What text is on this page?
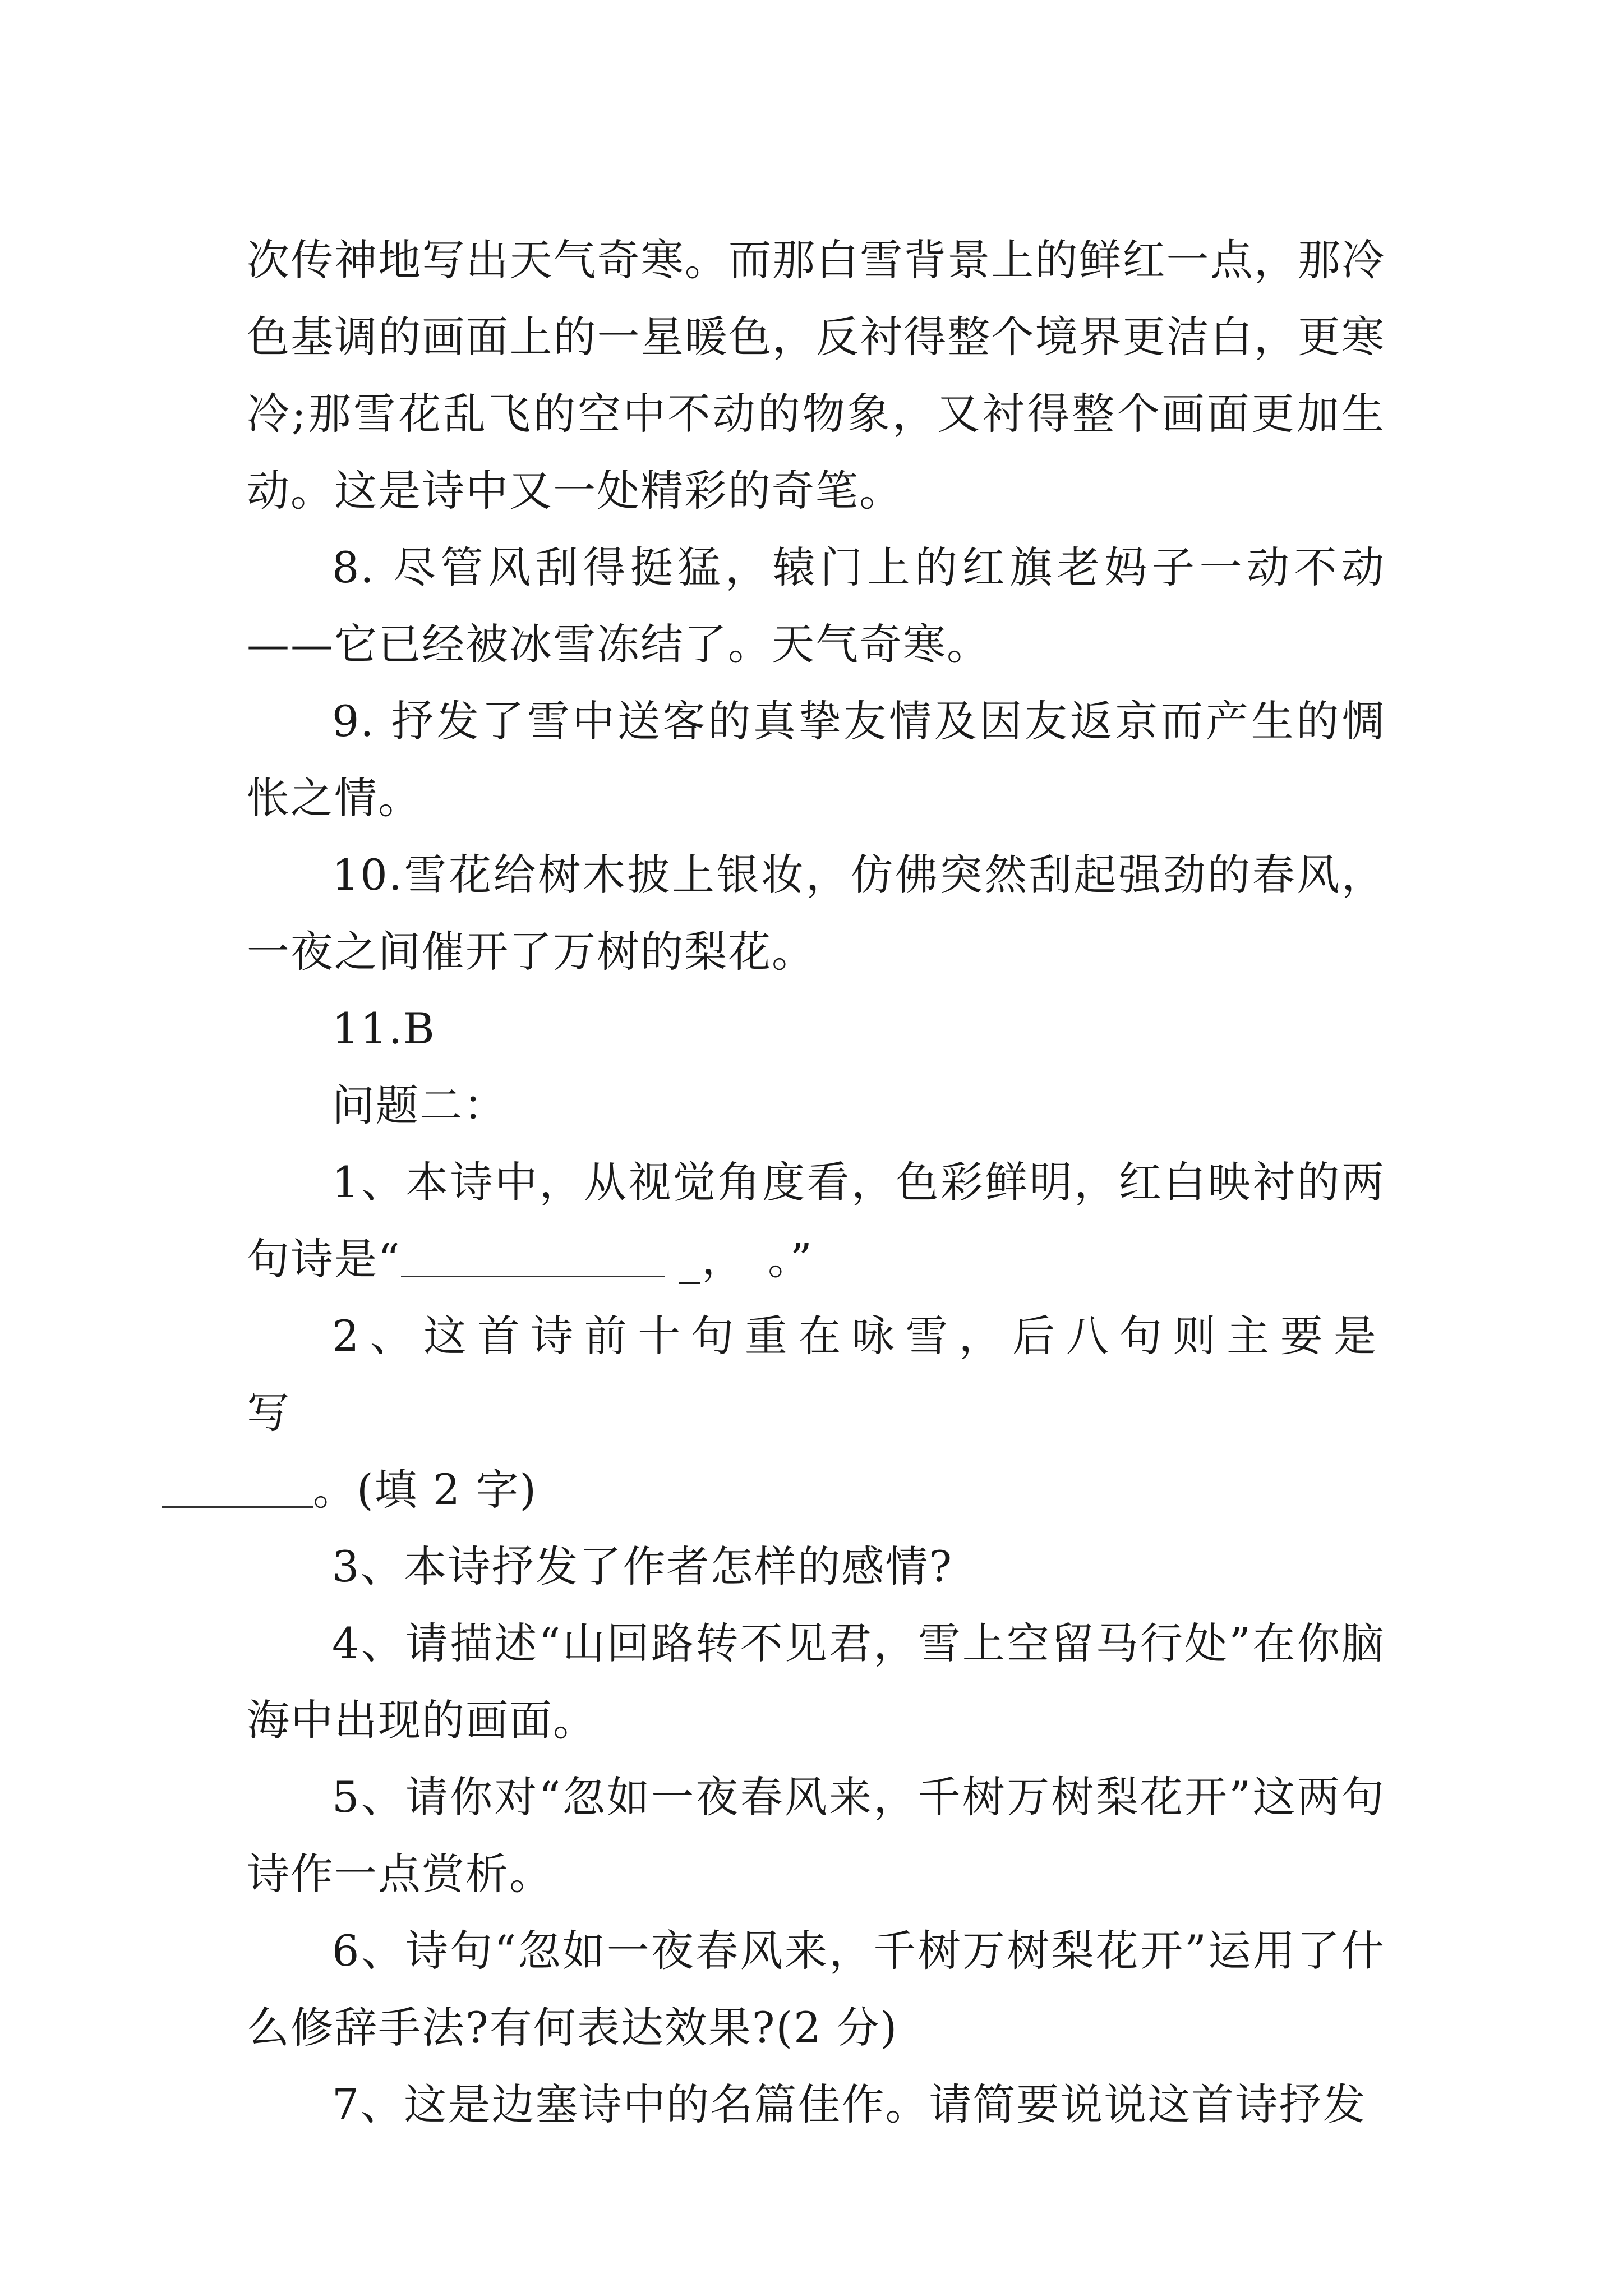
次传神地写出天气奇寒。而那白雪背景上的鲜红一点，那冷色基调的画面上的一星暖色，反衬得整个境界更洁白，更寒冷;那雪花乱飞的空中不动的物象，又衬得整个画面更加生动。这是诗中又一处精彩的奇笔。

8. 尽管风刮得挺猛，辕门上的红旗老妈子一动不动——它已经被冰雪冻结了。天气奇寒。

9. 抒发了雪中送客的真挚友情及因友返京而产生的惆怅之情。

10.雪花给树木披上银妆，仿佛突然刮起强劲的春风，一夜之间催开了万树的梨花。

11.B

问题二：

1、本诗中，从视觉角度看，色彩鲜明，红白映衬的两句诗是“	_，　。”

2、这首诗前十句重在咏雪，后八句则主要是写
。(填 2 字)

3、本诗抒发了作者怎样的感情?

4、请描述“山回路转不见君，雪上空留马行处”在你脑海中出现的画面。

5、请你对“忽如一夜春风来，千树万树梨花开”这两句诗作一点赏析。

6、诗句“忽如一夜春风来，千树万树梨花开”运用了什么修辞手法?有何表达效果?(2 分)

7、这是边塞诗中的名篇佳作。请简要说说这首诗抒发
